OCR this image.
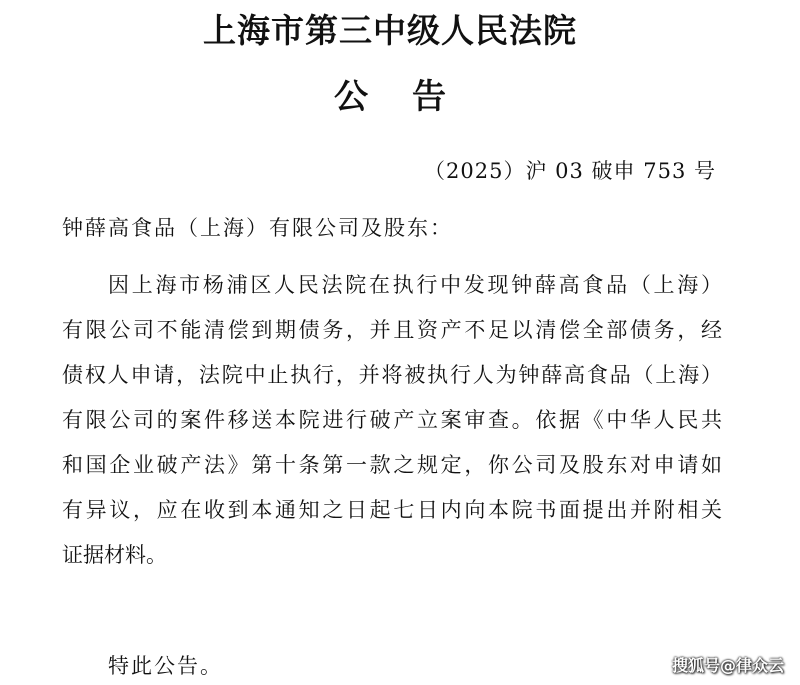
上海市第三中级人民法院
公告
（2025）沪 03 破申 753 号
钟薛高食品（上海）有限公司及股东：
因上海市杨浦区人民法院在执行中发现钟薛高食品（上海）
有限公司不能清偿到期债务，并且资产不足以清偿全部债务，经
债权人申请，法院中止执行，并将被执行人为钟薛高食品（上海）
有限公司的案件移送本院进行破产立案审查。依据《中华人民共
和国企业破产法》第十条第一款之规定，你公司及股东对申请如
有异议，应在收到本通知之日起七日内向本院书面提出并附相关
证据材料。
特此公告。	搜狐号@律众云
